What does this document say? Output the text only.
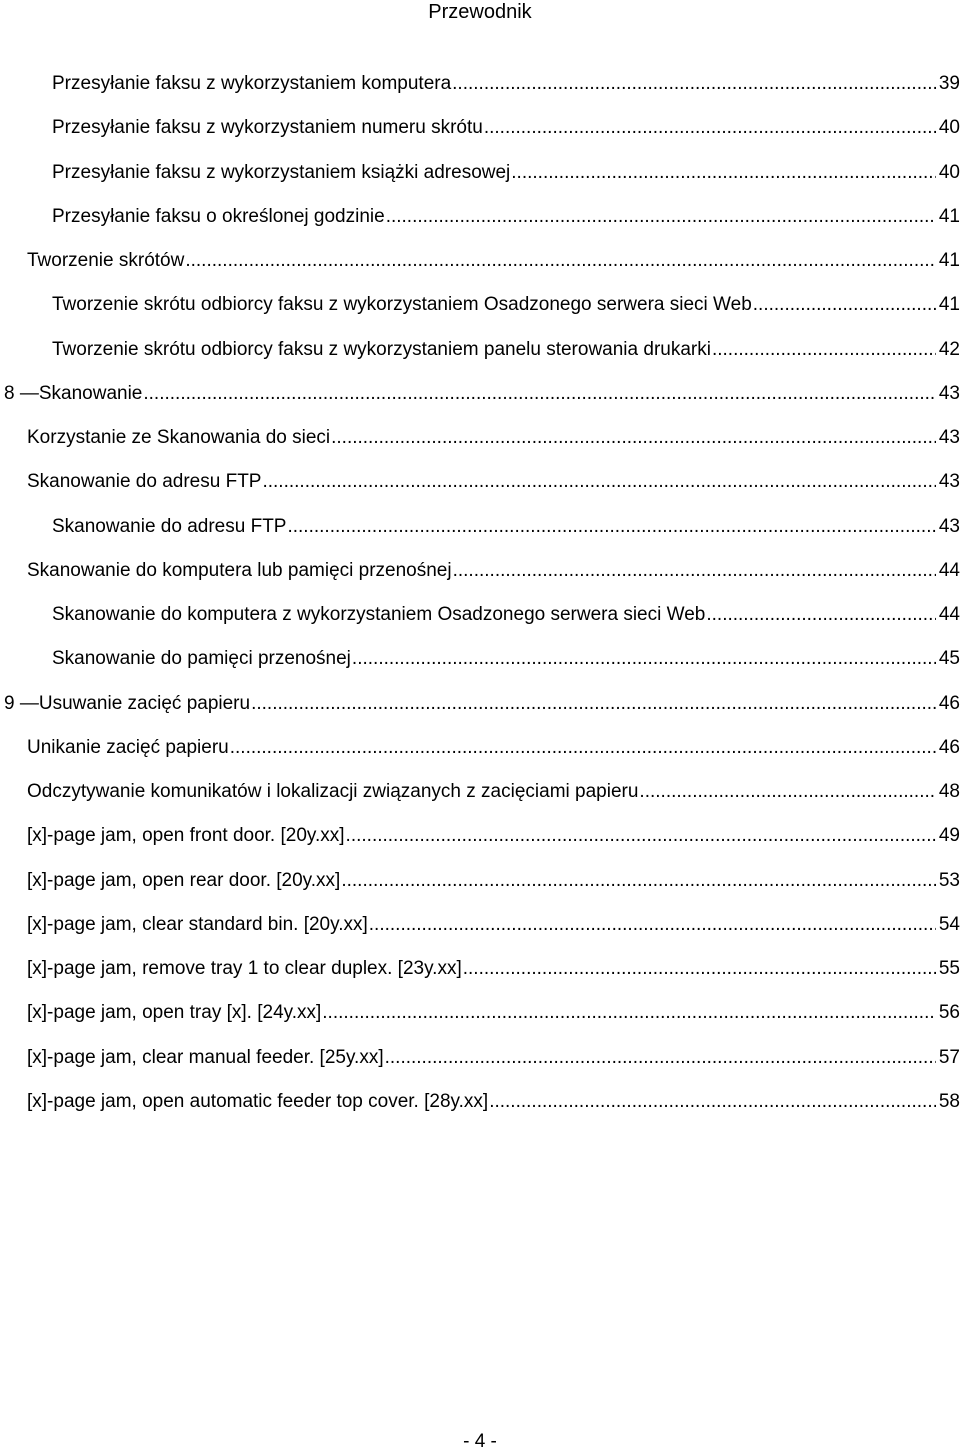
Przewodnik
Przesyłanie faksu z wykorzystaniem komputera .....	39
Przesyłanie faksu z wykorzystaniem numeru skrótu .....	40
Przesyłanie faksu z wykorzystaniem książki adresowej .....	40
Przesyłanie faksu o określonej godzinie .....	41
Tworzenie skrótów .....	41
Tworzenie skrótu odbiorcy faksu z wykorzystaniem Osadzonego serwera sieci Web .....	41
Tworzenie skrótu odbiorcy faksu z wykorzystaniem panelu sterowania drukarki .....	42
8 —Skanowanie .....	43
Korzystanie ze Skanowania do sieci .....	43
Skanowanie do adresu FTP .....	43
Skanowanie do adresu FTP .....	43
Skanowanie do komputera lub pamięci przenośnej .....	44
Skanowanie do komputera z wykorzystaniem Osadzonego serwera sieci Web .....	44
Skanowanie do pamięci przenośnej .....	45
9 —Usuwanie zacięć papieru .....	46
Unikanie zacięć papieru .....	46
Odczytywanie komunikatów i lokalizacji związanych z zacięciami papieru .....	48
[x]-page jam, open front door. [20y.xx] .....	49
[x]-page jam, open rear door. [20y.xx] .....	53
[x]-page jam, clear standard bin. [20y.xx] .....	54
[x]-page jam, remove tray 1 to clear duplex. [23y.xx] .....	55
[x]-page jam, open tray [x]. [24y.xx] .....	56
[x]-page jam, clear manual feeder. [25y.xx] .....	57
[x]-page jam, open automatic feeder top cover. [28y.xx] .....	58
- 4 -
